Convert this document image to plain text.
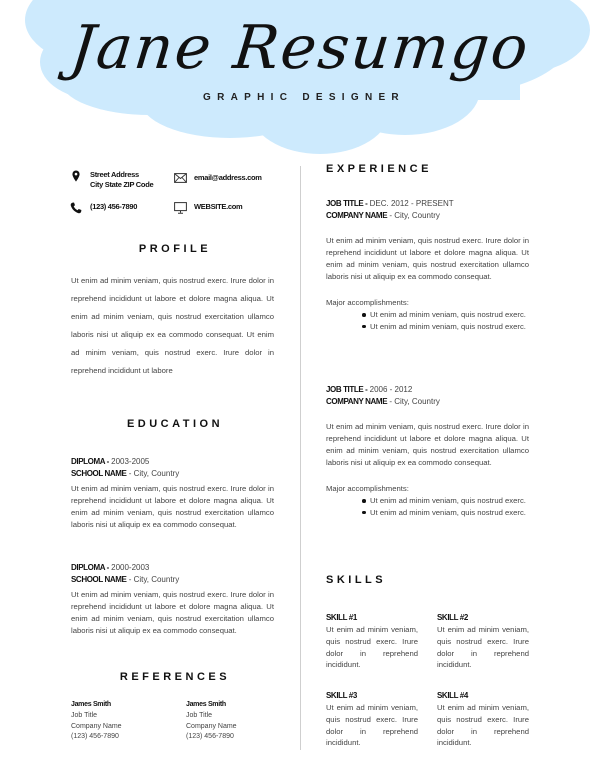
Jane Resumgo
GRAPHIC DESIGNER
Street Address
City State ZIP Code
email@address.com
(123) 456-7890	WEBSITE.com
PROFILE
Ut enim ad minim veniam, quis nostrud exerc. Irure dolor in reprehend incididunt ut labore et dolore magna aliqua. Ut enim ad minim veniam, quis nostrud exercitation ullamco laboris nisi ut aliquip ex ea commodo consequat. Ut enim ad minim veniam, quis nostrud exerc. Irure dolor in reprehend incididunt ut labore
EDUCATION
DIPLOMA - 2003-2005
SCHOOL NAME - City, Country
Ut enim ad minim veniam, quis nostrud exerc. Irure dolor in reprehend incididunt ut labore et dolore magna aliqua. Ut enim ad minim veniam, quis nostrud exercitation ullamco laboris nisi ut aliquip ex ea commodo consequat.
DIPLOMA - 2000-2003
SCHOOL NAME - City, Country
Ut enim ad minim veniam, quis nostrud exerc. Irure dolor in reprehend incididunt ut labore et dolore magna aliqua. Ut enim ad minim veniam, quis nostrud exercitation ullamco laboris nisi ut aliquip ex ea commodo consequat.
REFERENCES
James Smith
Job Title
Company Name
(123) 456-7890
James Smith
Job Title
Company Name
(123) 456-7890
EXPERIENCE
JOB TITLE - DEC. 2012 - PRESENT
COMPANY NAME - City, Country
Ut enim ad minim veniam, quis nostrud exerc. Irure dolor in reprehend incididunt ut labore et dolore magna aliqua. Ut enim ad minim veniam, quis nostrud exercitation ullamco laboris nisi ut aliquip ex ea commodo consequat.
Major accomplishments:
Ut enim ad minim veniam, quis nostrud exerc.
Ut enim ad minim veniam, quis nostrud exerc.
JOB TITLE - 2006 - 2012
COMPANY NAME - City, Country
Ut enim ad minim veniam, quis nostrud exerc. Irure dolor in reprehend incididunt ut labore et dolore magna aliqua. Ut enim ad minim veniam, quis nostrud exercitation ullamco laboris nisi ut aliquip ex ea commodo consequat.
Major accomplishments:
Ut enim ad minim veniam, quis nostrud exerc.
Ut enim ad minim veniam, quis nostrud exerc.
SKILLS
SKILL #1
Ut enim ad minim veniam, quis nostrud exerc. Irure dolor in reprehend incididunt.
SKILL #2
Ut enim ad minim veniam, quis nostrud exerc. Irure dolor in reprehend incididunt.
SKILL #3
Ut enim ad minim veniam, quis nostrud exerc. Irure dolor in reprehend incididunt.
SKILL #4
Ut enim ad minim veniam, quis nostrud exerc. Irure dolor in reprehend incididunt.
